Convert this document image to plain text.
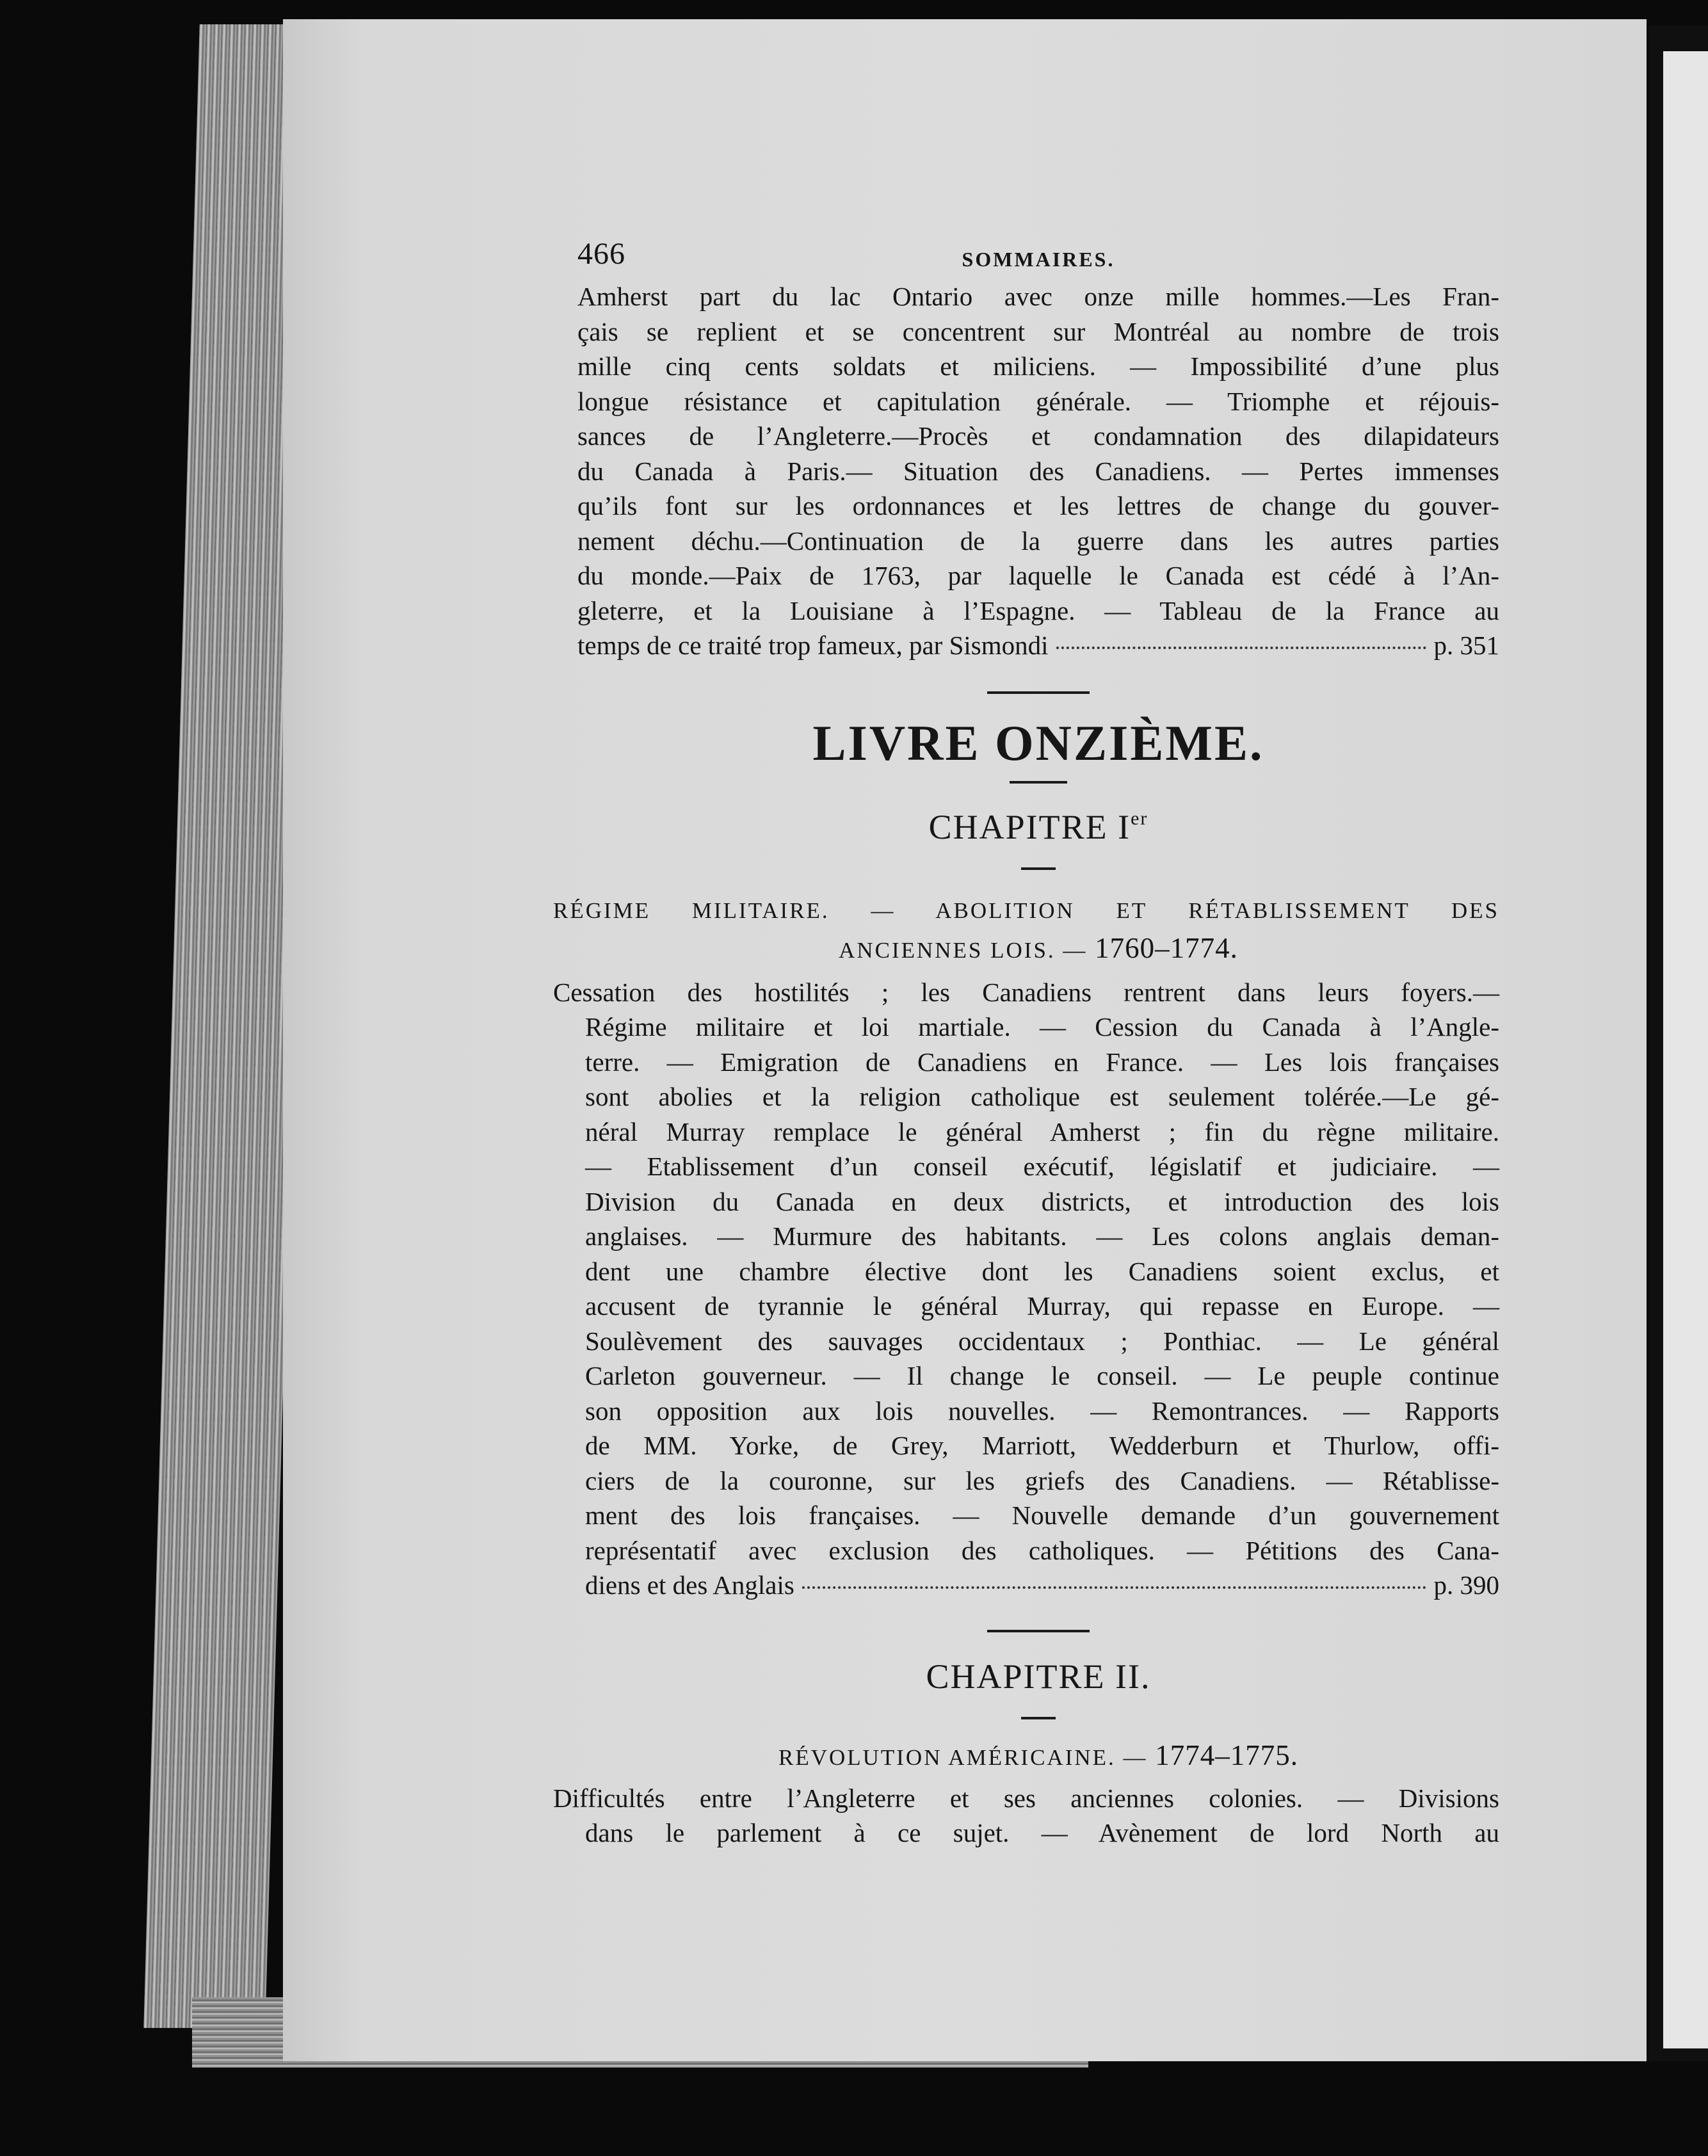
466	SOMMAIRES.

Amherst part du lac Ontario avec onze mille hommes.—Les Fran-

çais se replient et se concentrent sur Montréal au nombre de trois

mille cinq cents soldats et miliciens. — Impossibilité d’une plus

longue résistance et capitulation générale. — Triomphe et réjouis-

sances de l’Angleterre.—Procès et condamnation des dilapidateurs

du Canada à Paris.— Situation des Canadiens. — Pertes immenses

qu’ils font sur les ordonnances et les lettres de change du gouver-

nement déchu.—Continuation de la guerre dans les autres parties

du monde.—Paix de 1763, par laquelle le Canada est cédé à l’An-

gleterre, et la Louisiane à l’Espagne. — Tableau de la France au

temps de ce traité trop fameux, par Sismondi	p. 351
LIVRE ONZIÈME.
CHAPITRE Ier
RÉGIME MILITAIRE. — ABOLITION ET RÉTABLISSEMENT DES
ANCIENNES LOIS. — 1760–1774.

Cessation des hostilités ; les Canadiens rentrent dans leurs foyers.—

Régime militaire et loi martiale. — Cession du Canada à l’Angle-

terre. — Emigration de Canadiens en France. — Les lois françaises

sont abolies et la religion catholique est seulement tolérée.—Le gé-

néral Murray remplace le général Amherst ; fin du règne militaire.

— Etablissement d’un conseil exécutif, législatif et judiciaire. —

Division du Canada en deux districts, et introduction des lois

anglaises. — Murmure des habitants. — Les colons anglais deman-

dent une chambre élective dont les Canadiens soient exclus, et

accusent de tyrannie le général Murray, qui repasse en Europe. —

Soulèvement des sauvages occidentaux ; Ponthiac. — Le général

Carleton gouverneur. — Il change le conseil. — Le peuple continue

son opposition aux lois nouvelles. — Remontrances. — Rapports

de MM. Yorke, de Grey, Marriott, Wedderburn et Thurlow, offi-

ciers de la couronne, sur les griefs des Canadiens. — Rétablisse-

ment des lois françaises. — Nouvelle demande d’un gouvernement

représentatif avec exclusion des catholiques. — Pétitions des Cana-

diens et des Anglais	p. 390
CHAPITRE II.
RÉVOLUTION AMÉRICAINE. — 1774–1775.

Difficultés entre l’Angleterre et ses anciennes colonies. — Divisions

dans le parlement à ce sujet. — Avènement de lord North au
